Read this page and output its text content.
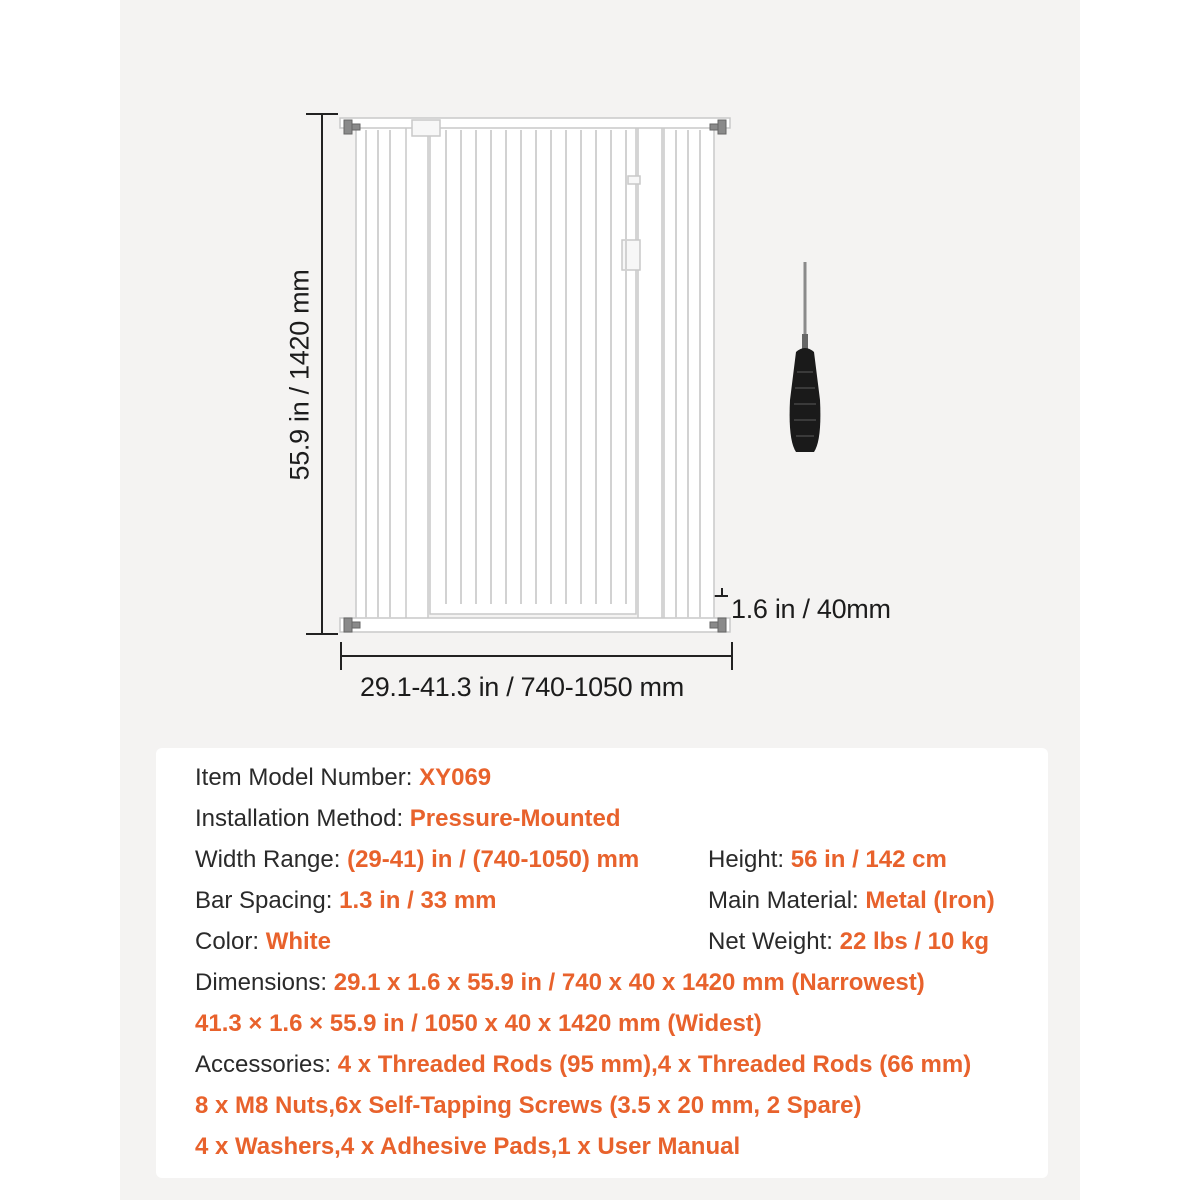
55.9 in / 1420 mm
29.1-41.3 in / 740-1050 mm
1.6 in / 40mm
Item Model Number: XY069
Installation Method: Pressure-Mounted
Width Range: (29-41) in / (740-1050) mm	Height: 56 in / 142 cm
Bar Spacing: 1.3 in / 33 mm	Main Material: Metal (Iron)
Color: White	Net Weight: 22 lbs / 10 kg
Dimensions: 29.1 x 1.6 x 55.9 in / 740 x 40 x 1420 mm (Narrowest)
41.3 × 1.6 × 55.9 in / 1050 x 40 x 1420 mm (Widest)
Accessories: 4 x Threaded Rods (95 mm),4 x Threaded Rods (66 mm)
8 x M8 Nuts,6x Self-Tapping Screws (3.5 x 20 mm, 2 Spare)
4 x Washers,4 x Adhesive Pads,1 x User Manual
